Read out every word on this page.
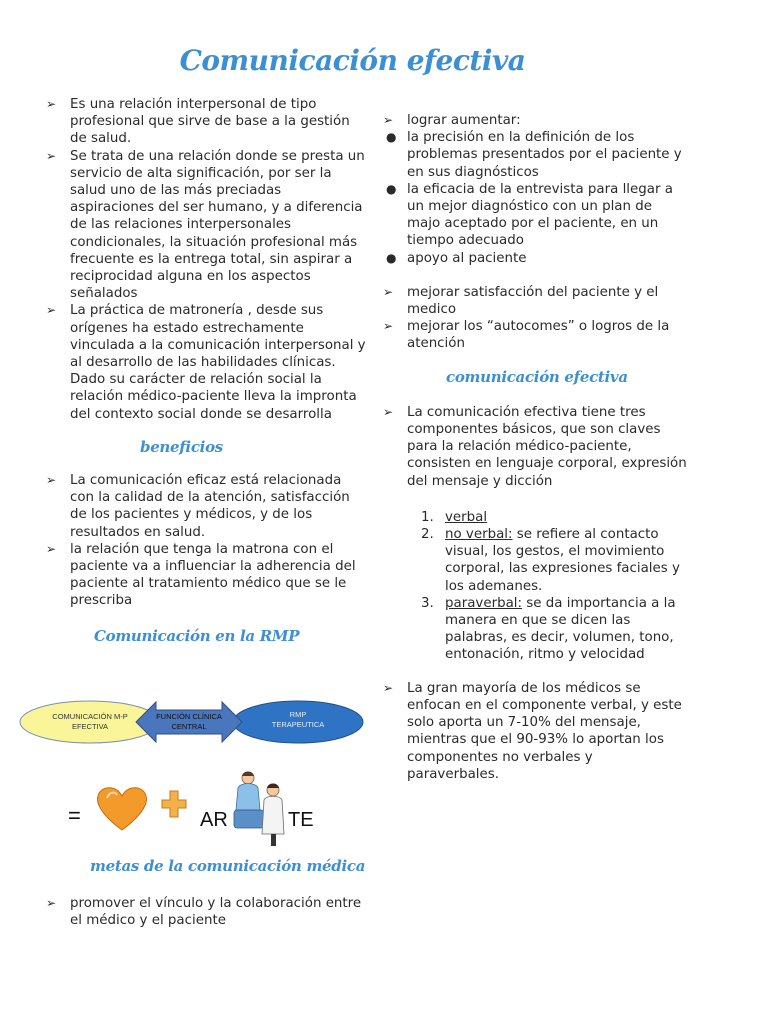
Comunicación efectiva
➢ Es una relación interpersonal de tipo profesional que sirve de base a la gestión de salud.
➢ Se trata de una relación donde se presta un servicio de alta significación, por ser la salud uno de las más preciadas aspiraciones del ser humano, y a diferencia de las relaciones interpersonales condicionales, la situación profesional más frecuente es la entrega total, sin aspirar a reciprocidad alguna en los aspectos señalados
➢ La práctica de matronería , desde sus orígenes ha estado estrechamente vinculada a la comunicación interpersonal y al desarrollo de las habilidades clínicas. Dado su carácter de relación social la relación médico-paciente lleva la impronta del contexto social donde se desarrolla
beneficios
➢ La comunicación eficaz está relacionada con la calidad de la atención, satisfacción de los pacientes y médicos, y de los resultados en salud.
➢ la relación que tenga la matrona con el paciente va a influenciar la adherencia del paciente al tratamiento médico que se le prescriba
Comunicación en la RMP
COMUNICACIÓN M-P
EFECTIVA
FUNCIÓN CLÍNICA
CENTRAL
RMP
TERAPEUTICA
=	AR	TE
metas de la comunicación médica
➢ promover el vínculo y la colaboración entre el médico y el paciente
➢ lograr aumentar:
● la precisión en la definición de los problemas presentados por el paciente y en sus diagnósticos
● la eficacia de la entrevista para llegar a un mejor diagnóstico con un plan de majo aceptado por el paciente, en un tiempo adecuado
● apoyo al paciente
➢ mejorar satisfacción del paciente y el medico
➢ mejorar los “autocomes” o logros de la atención
comunicación efectiva
➢ La comunicación efectiva tiene tres componentes básicos, que son claves para la relación médico-paciente, consisten en lenguaje corporal, expresión del mensaje y dicción
1. verbal
2. no verbal: se refiere al contacto visual, los gestos, el movimiento corporal, las expresiones faciales y los ademanes.
3. paraverbal: se da importancia a la manera en que se dicen las palabras, es decir, volumen, tono, entonación, ritmo y velocidad
➢ La gran mayoría de los médicos se enfocan en el componente verbal, y este solo aporta un 7-10% del mensaje, mientras que el 90-93% lo aportan los componentes no verbales y paraverbales.
